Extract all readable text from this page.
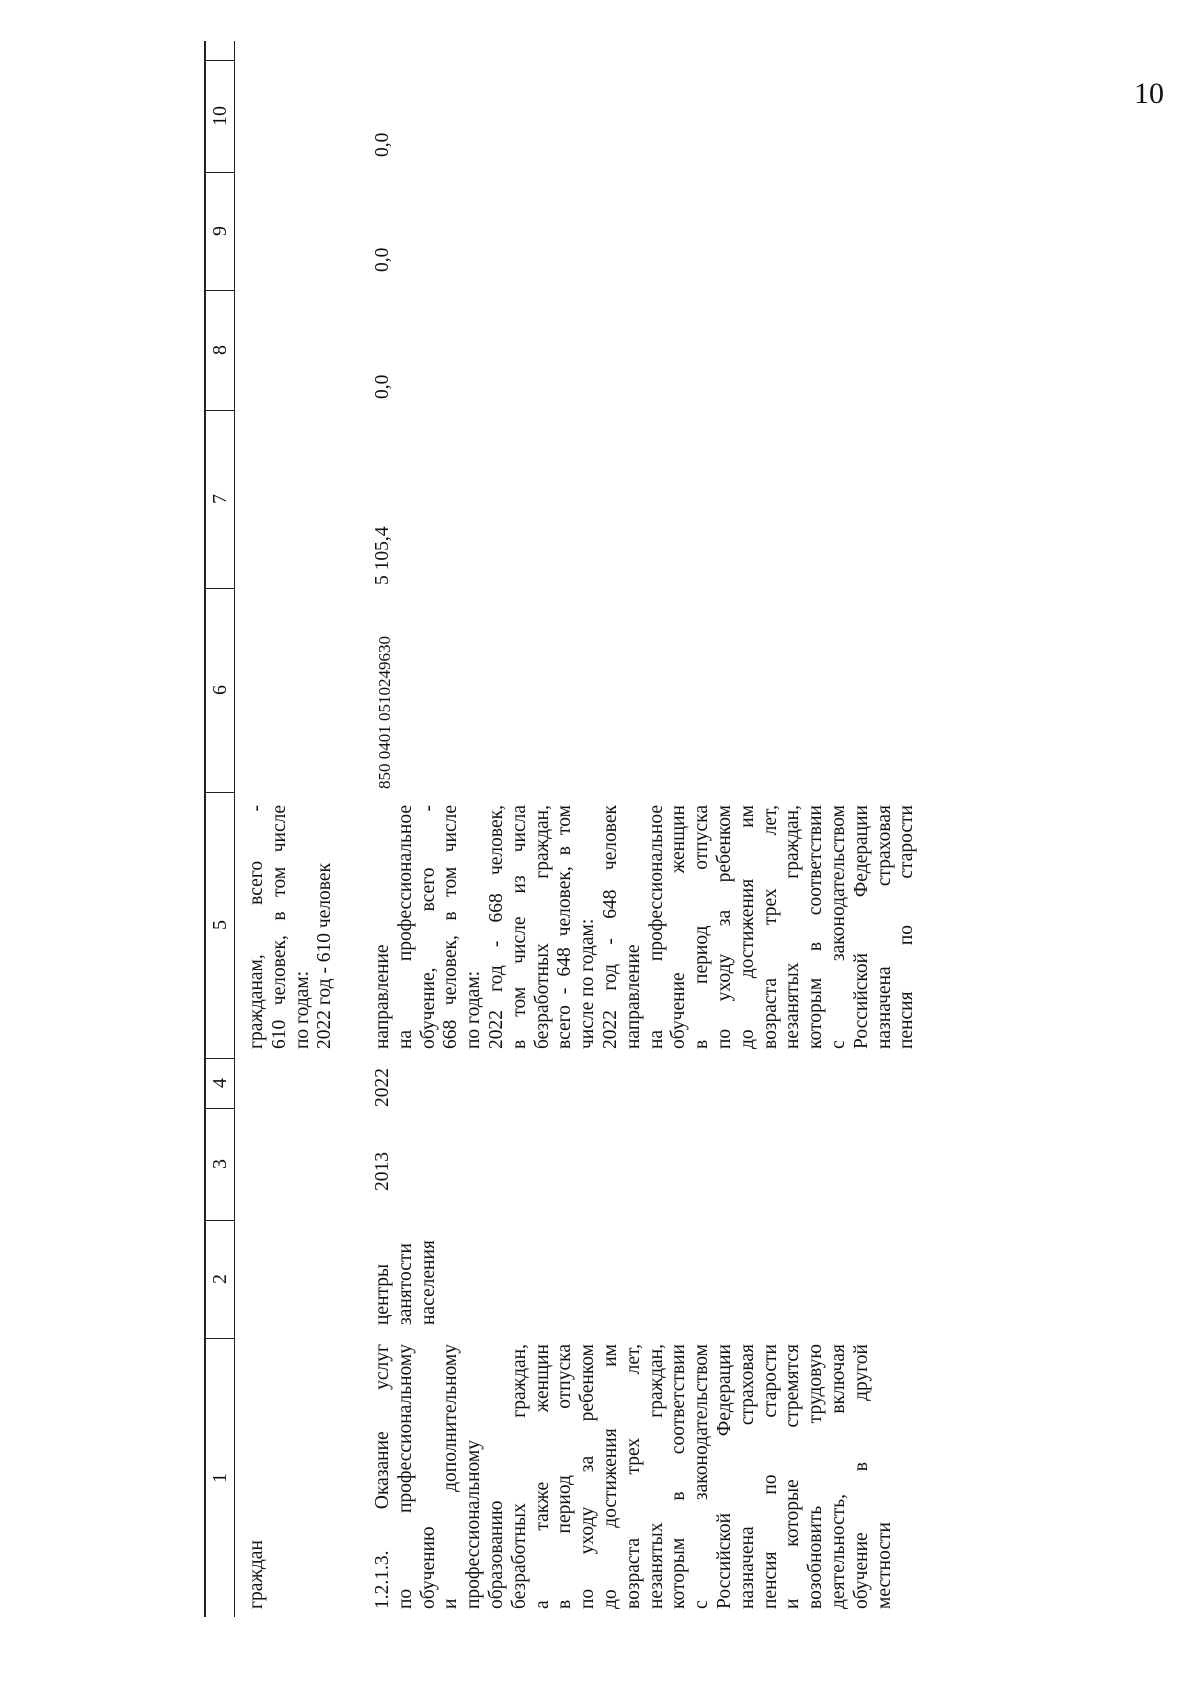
10
1
2
3
4
5
6
7
8
9
10
граждан
гражданам, всего - 610 человек, в том числе по годам: 2022 год - 610 человек
1.2.1.3. Оказание услуг по профессиональному обучению и дополнительному профессиональному образованию безработных граждан, а также женщин в период отпуска по уходу за ребенком до достижения им возраста трех лет, незанятых граждан, которым в соответствии с законодательством Российской Федерации назначена страховая пенсия по старости и которые стремятся возобновить трудовую деятельность, включая обучение в другой местности
центры занятости населения
2013
2022
направление на профессиональное обучение, всего - 668 человек, в том числе по годам: 2022 год - 668 человек, в том числе из числа безработных граждан, всего - 648 человек, в том числе по годам: 2022 год - 648 человек направление на профессиональное обучение женщин в период отпуска по уходу за ребенком до достижения им возраста трех лет, незанятых граждан, которым в соответствии с законодательством Российской Федерации назначена страховая пенсия по старости
850 0401 0510249630
5 105,4
0,0
0,0
0,0
